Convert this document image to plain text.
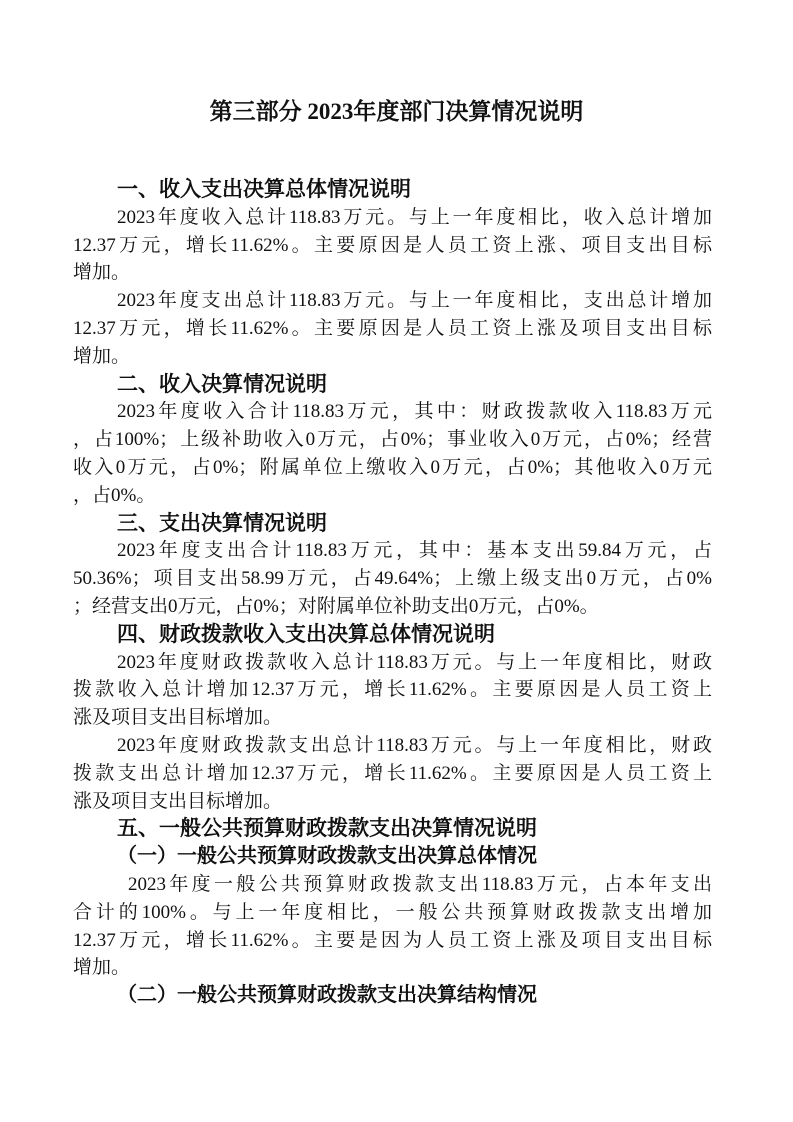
第三部分 2023年度部门决算情况说明
一、收入支出决算总体情况说明
2023年度收入总计118.83万元。与上一年度相比，收入总计增加
12.37万元，增长11.62%。主要原因是人员工资上涨、项目支出目标
增加。
2023年度支出总计118.83万元。与上一年度相比，支出总计增加
12.37万元，增长11.62%。主要原因是人员工资上涨及项目支出目标
增加。
二、收入决算情况说明
2023年度收入合计118.83万元，其中：财政拨款收入118.83万元
，占100%；上级补助收入0万元，占0%；事业收入0万元，占0%；经营
收入0万元，占0%；附属单位上缴收入0万元，占0%；其他收入0万元
，占0%。
三、支出决算情况说明
2023年度支出合计118.83万元，其中：基本支出59.84万元，占
50.36%；项目支出58.99万元，占49.64%；上缴上级支出0万元，占0%
；经营支出0万元，占0%；对附属单位补助支出0万元，占0%。
四、财政拨款收入支出决算总体情况说明
2023年度财政拨款收入总计118.83万元。与上一年度相比，财政
拨款收入总计增加12.37万元，增长11.62%。主要原因是人员工资上
涨及项目支出目标增加。
2023年度财政拨款支出总计118.83万元。与上一年度相比，财政
拨款支出总计增加12.37万元，增长11.62%。主要原因是人员工资上
涨及项目支出目标增加。
五、一般公共预算财政拨款支出决算情况说明
（一）一般公共预算财政拨款支出决算总体情况
2023年度一般公共预算财政拨款支出118.83万元，占本年支出
合计的100%。与上一年度相比，一般公共预算财政拨款支出增加
12.37万元，增长11.62%。主要是因为人员工资上涨及项目支出目标
增加。
（二）一般公共预算财政拨款支出决算结构情况
